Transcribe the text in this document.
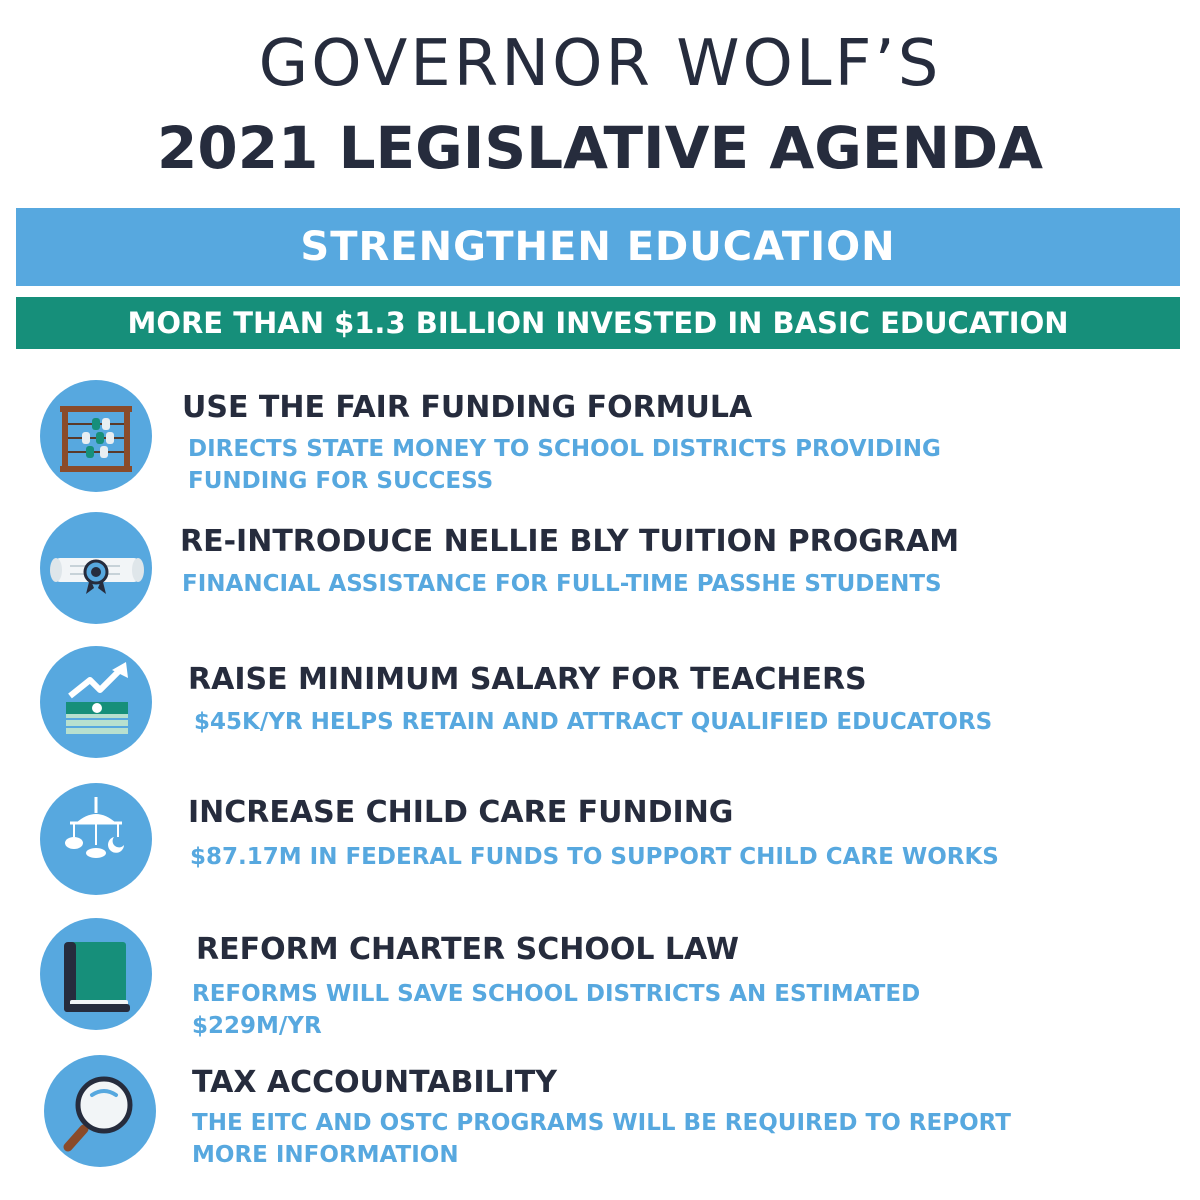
GOVERNOR WOLF’S
2021 LEGISLATIVE AGENDA
STRENGTHEN EDUCATION
MORE THAN $1.3 BILLION INVESTED IN BASIC EDUCATION
USE THE FAIR FUNDING FORMULA
DIRECTS STATE MONEY TO SCHOOL DISTRICTS PROVIDING FUNDING FOR SUCCESS
RE-INTRODUCE NELLIE BLY TUITION PROGRAM
FINANCIAL ASSISTANCE FOR FULL-TIME PASSHE STUDENTS
RAISE MINIMUM SALARY FOR TEACHERS
$45K/YR HELPS RETAIN AND ATTRACT QUALIFIED EDUCATORS
INCREASE CHILD CARE FUNDING
$87.17M IN FEDERAL FUNDS TO SUPPORT CHILD CARE WORKS
REFORM CHARTER SCHOOL LAW
REFORMS WILL SAVE SCHOOL DISTRICTS AN ESTIMATED $229M/YR
TAX ACCOUNTABILITY
THE EITC AND OSTC PROGRAMS WILL BE REQUIRED TO REPORT MORE INFORMATION
